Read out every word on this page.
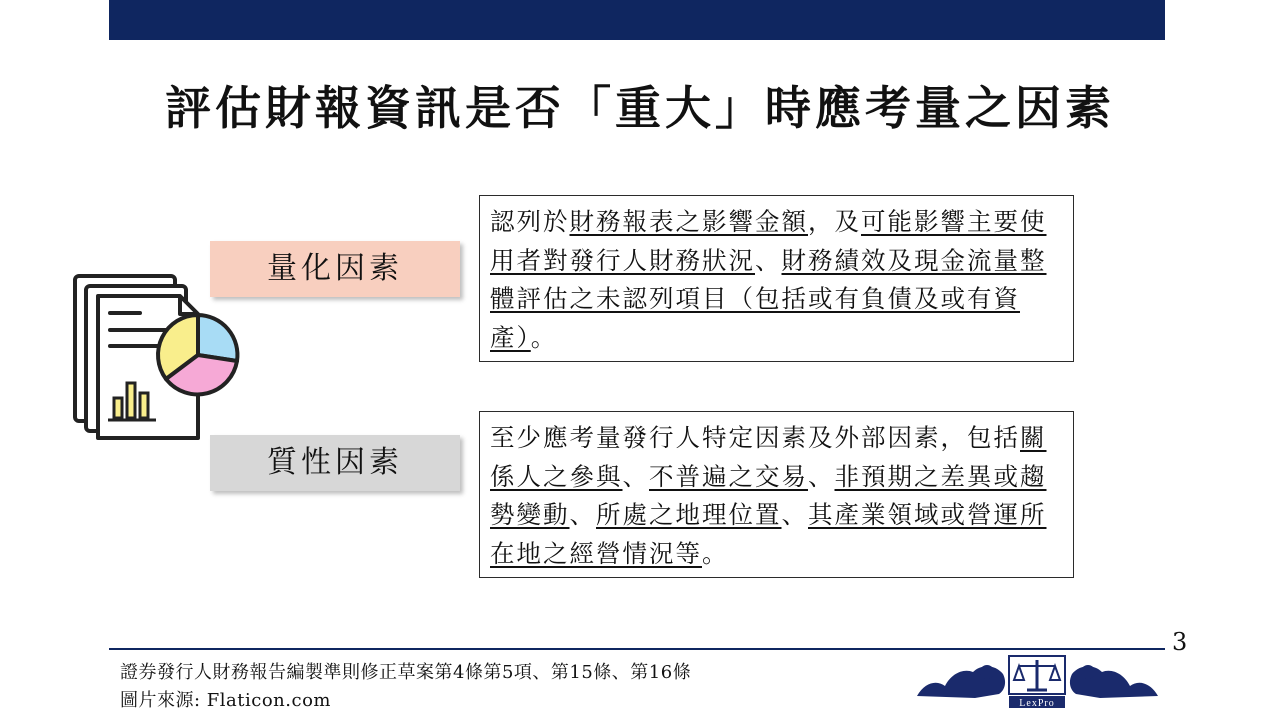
評估財報資訊是否「重大」時應考量之因素
量化因素
質性因素
認列於財務報表之影響金額，及可能影響主要使用者對發行人財務狀況、財務績效及現金流量整體評估之未認列項目（包括或有負債及或有資產）。
至少應考量發行人特定因素及外部因素，包括關係人之參與、不普遍之交易、非預期之差異或趨勢變動、所處之地理位置、其產業領域或營運所在地之經營情況等。
3
證券發行人財務報告編製準則修正草案第4條第5項、第15條、第16條
圖片來源: Flaticon.com	LexPro
